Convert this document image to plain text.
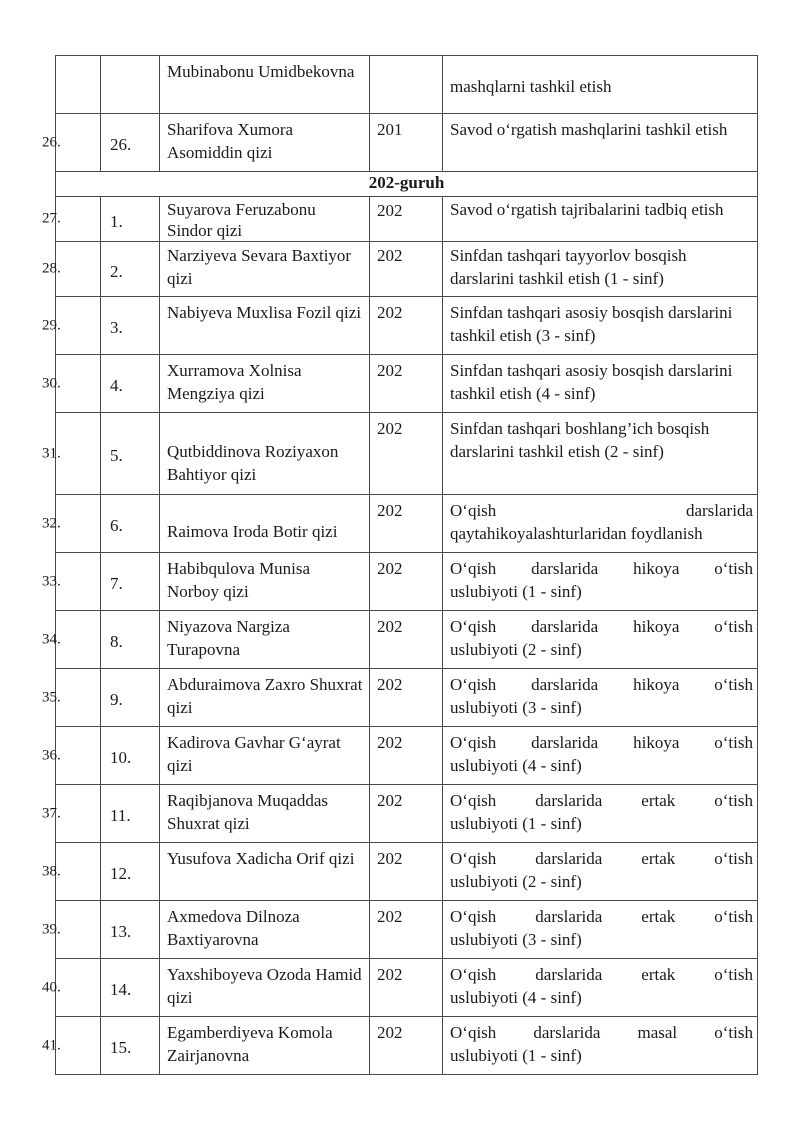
		Mubinabonu Umidbekovna		mashqlarni tashkil etish

26.	26.	Sharifova Xumora Asomiddin qizi	201	Savod o‘rgatish mashqlarini tashkil etish
202-guruh				

27.	1.	Suyarova Feruzabonu Sindor qizi	202	Savod o‘rgatish tajribalarini tadbiq etish

28.	2.	Narziyeva Sevara Baxtiyor qizi	202	Sinfdan tashqari tayyorlov bosqish darslarini tashkil etish (1 - sinf)

29.	3.	Nabiyeva Muxlisa Fozil qizi	202	Sinfdan tashqari asosiy bosqish darslarini tashkil etish (3 - sinf)

30.	4.	Xurramova Xolnisa Mengziya qizi	202	Sinfdan tashqari asosiy bosqish darslarini tashkil etish (4 - sinf)

31.	5.	Qutbiddinova Roziyaxon Bahtiyor qizi	202	Sinfdan tashqari boshlang’ich bosqish darslarini tashkil etish (2 - sinf)

32.	6.	Raimova Iroda Botir qizi	202	O‘qish darslarida
qaytahikoyalashturlaridan foydlanish

33.	7.	Habibqulova Munisa Norboy qizi	202	O‘qish darslarida hikoya o‘tish
uslubiyoti (1 - sinf)

34.	8.	Niyazova Nargiza Turapovna	202	O‘qish darslarida hikoya o‘tish
uslubiyoti (2 - sinf)

35.	9.	Abduraimova Zaxro Shuxrat qizi	202	O‘qish darslarida hikoya o‘tish
uslubiyoti (3 - sinf)

36.	10.	Kadirova Gavhar G‘ayrat qizi	202	O‘qish darslarida hikoya o‘tish
uslubiyoti (4 - sinf)

37.	11.	Raqibjanova Muqaddas Shuxrat qizi	202	O‘qish darslarida ertak o‘tish
uslubiyoti (1 - sinf)

38.	12.	Yusufova Xadicha Orif qizi	202	O‘qish darslarida ertak o‘tish
uslubiyoti (2 - sinf)

39.	13.	Axmedova Dilnoza Baxtiyarovna	202	O‘qish darslarida ertak o‘tish
uslubiyoti (3 - sinf)

40.	14.	Yaxshiboyeva Ozoda Hamid qizi	202	O‘qish darslarida ertak o‘tish
uslubiyoti (4 - sinf)

41.	15.	Egamberdiyeva Komola Zairjanovna	202	O‘qish darslarida masal o‘tish
uslubiyoti (1 - sinf)
